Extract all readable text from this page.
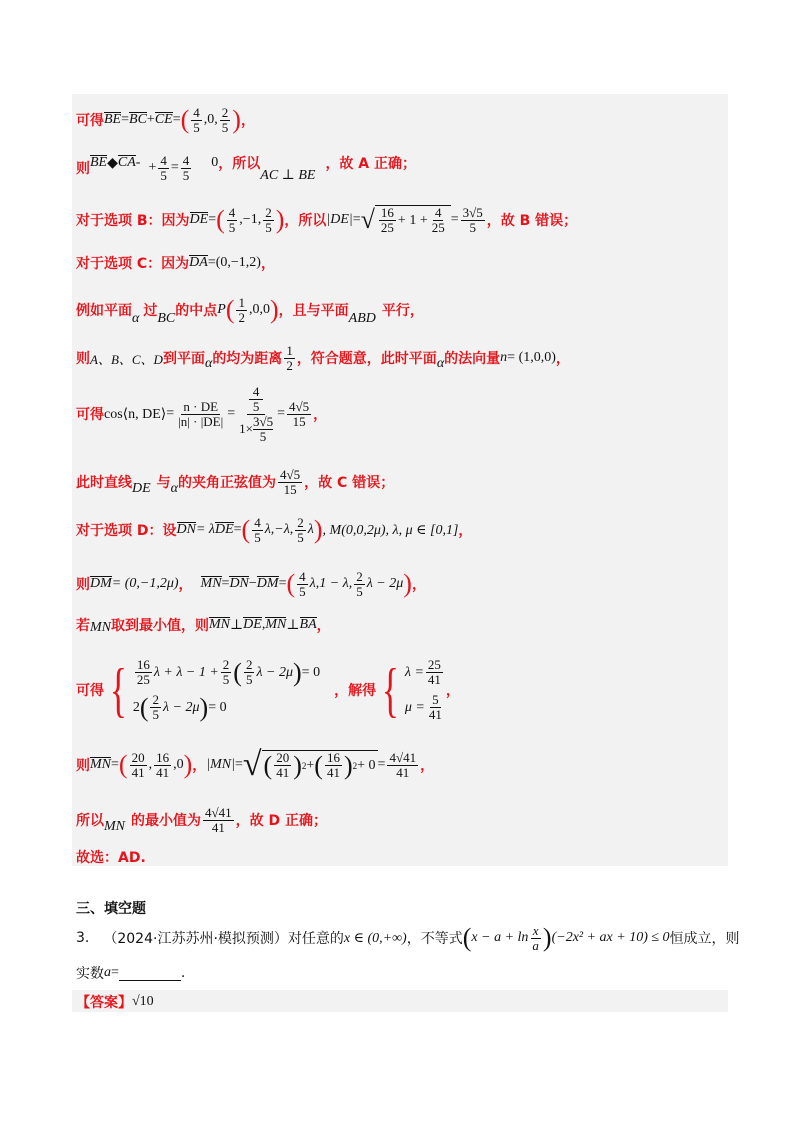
可得 BE = BC + CE = ( $\frac{4}{5} ,0$, $\frac{2}{5}$ ) ，
则 BE ◆ CA - + $\frac{4}{5} = \frac{4}{5} 0$ ，所以
AC ⊥ BE
，故 A 正确；
对于选项 B：因为 DE = ( $\frac{4}{5} ,-1$, $\frac{2}{5}$ ) ，所以 |DE| = √ $\frac{16}{25} + 1 + \frac{4}{25} = \frac{3√5}{5}$ ，故 B 错误；
对于选项 C：因为 DA = (0,−1,2) ，
例如平面 α 过 BC 的中点 P ( $\frac{1}{2} ,0,0$ ) ，且与平面 ABD 平行，
则 A、B、C、D 到平面 α 的均为距离 $\frac{1}{2}$ ，符合题意，此时平面 α 的法向量 n = (1,0,0) ，
可得 cos⟨n, DE⟩ = $\frac{n \cdot DE}{|n| \cdot |DE|} = 4$
5
$1\times \frac{3√5}{5} = \frac{4√5}{15}$ ，
此时直线 DE 与 α 的夹角正弦值为 $\frac{4√5}{15}$ ，故 C 错误；
对于选项 D：设 DN = λ DE = ( $\frac{4}{5} \lambda,-\lambda$, $\frac{2}{5}$ λ ) , M(0,0,2μ), λ, μ ∈ [0,1] ，
则 DM = (0,−1,2μ) ， MN = DN − DM = ( $\frac{4}{5} \lambda,1 - \lambda$, $\frac{2}{5}$ λ − 2μ ) ，
若 MN 取到最小值，则 MN ⊥ DE , MN ⊥ BA ，
可得 { $\frac{16}{25}$ $\lambda + \lambda - 1 + \frac{2}{5}$ ( $\frac{2}{5}$ λ − 2μ ) = 0
2 ( $\frac{2}{5}$ λ − 2μ ) = 0
，解得 { $\lambda = \frac{25}{41}$
$\mu = \frac{5}{41}$
，
则 MN = ( $\frac{20}{41}$ , $\frac{16}{41} ,0$ ) ， |MN| = √ ( $\frac{20}{41}$ ) 2 + ( $\frac{16}{41}$ ) $2 + 0 = \frac{4√41}{41}$ ，
所以 MN 的最小值为 $\frac{4√41}{41}$ ，故 D 正确；
故选：AD.
三、填空题
3. （2024·江苏苏州·模拟预测）对任意的 x ∈ (0,+∞) ，不等式 ( $x - a + \ln \frac{x}{a}$ ) (−2x² + ax + 10) ≤ 0 恒成立，则
实数 a =	.
【答案】 √10
